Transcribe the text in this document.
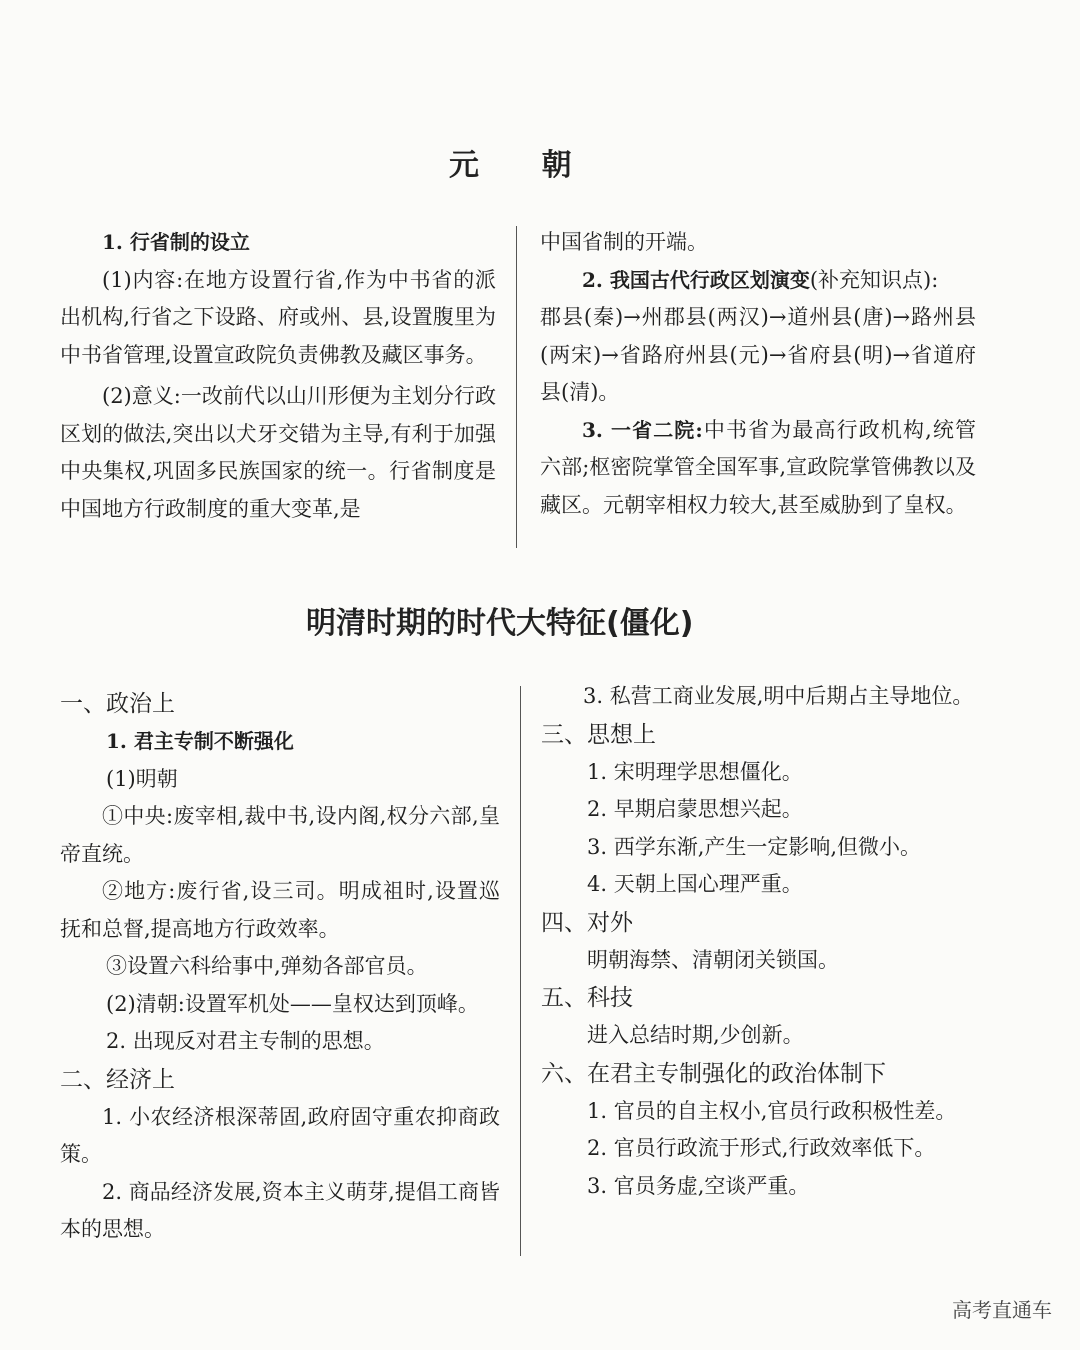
元      朝

1. 行省制的设立

(1)内容:在地方设置行省,作为中书省的派出机构,行省之下设路、府或州、县,设置腹里为中书省管理,设置宣政院负责佛教及藏区事务。

(2)意义:一改前代以山川形便为主划分行政区划的做法,突出以犬牙交错为主导,有利于加强中央集权,巩固多民族国家的统一。行省制度是中国地方行政制度的重大变革,是

中国省制的开端。

2. 我国古代行政区划演变(补充知识点):

郡县(秦)→州郡县(两汉)→道州县(唐)→路州县(两宋)→省路府州县(元)→省府县(明)→省道府县(清)。

3. 一省二院:中书省为最高行政机构,统管六部;枢密院掌管全国军事,宣政院掌管佛教以及藏区。元朝宰相权力较大,甚至威胁到了皇权。

明清时期的时代大特征(僵化)

一、政治上

1. 君主专制不断强化

(1)明朝

①中央:废宰相,裁中书,设内阁,权分六部,皇帝直统。

②地方:废行省,设三司。明成祖时,设置巡抚和总督,提高地方行政效率。

③设置六科给事中,弹劾各部官员。

(2)清朝:设置军机处——皇权达到顶峰。

2. 出现反对君主专制的思想。

二、经济上

1. 小农经济根深蒂固,政府固守重农抑商政策。

2. 商品经济发展,资本主义萌芽,提倡工商皆本的思想。

3. 私营工商业发展,明中后期占主导地位。

三、思想上

1. 宋明理学思想僵化。

2. 早期启蒙思想兴起。

3. 西学东渐,产生一定影响,但微小。

4. 天朝上国心理严重。

四、对外

明朝海禁、清朝闭关锁国。

五、科技

进入总结时期,少创新。

六、在君主专制强化的政治体制下

1. 官员的自主权小,官员行政积极性差。

2. 官员行政流于形式,行政效率低下。

3. 官员务虚,空谈严重。

高考直通车
